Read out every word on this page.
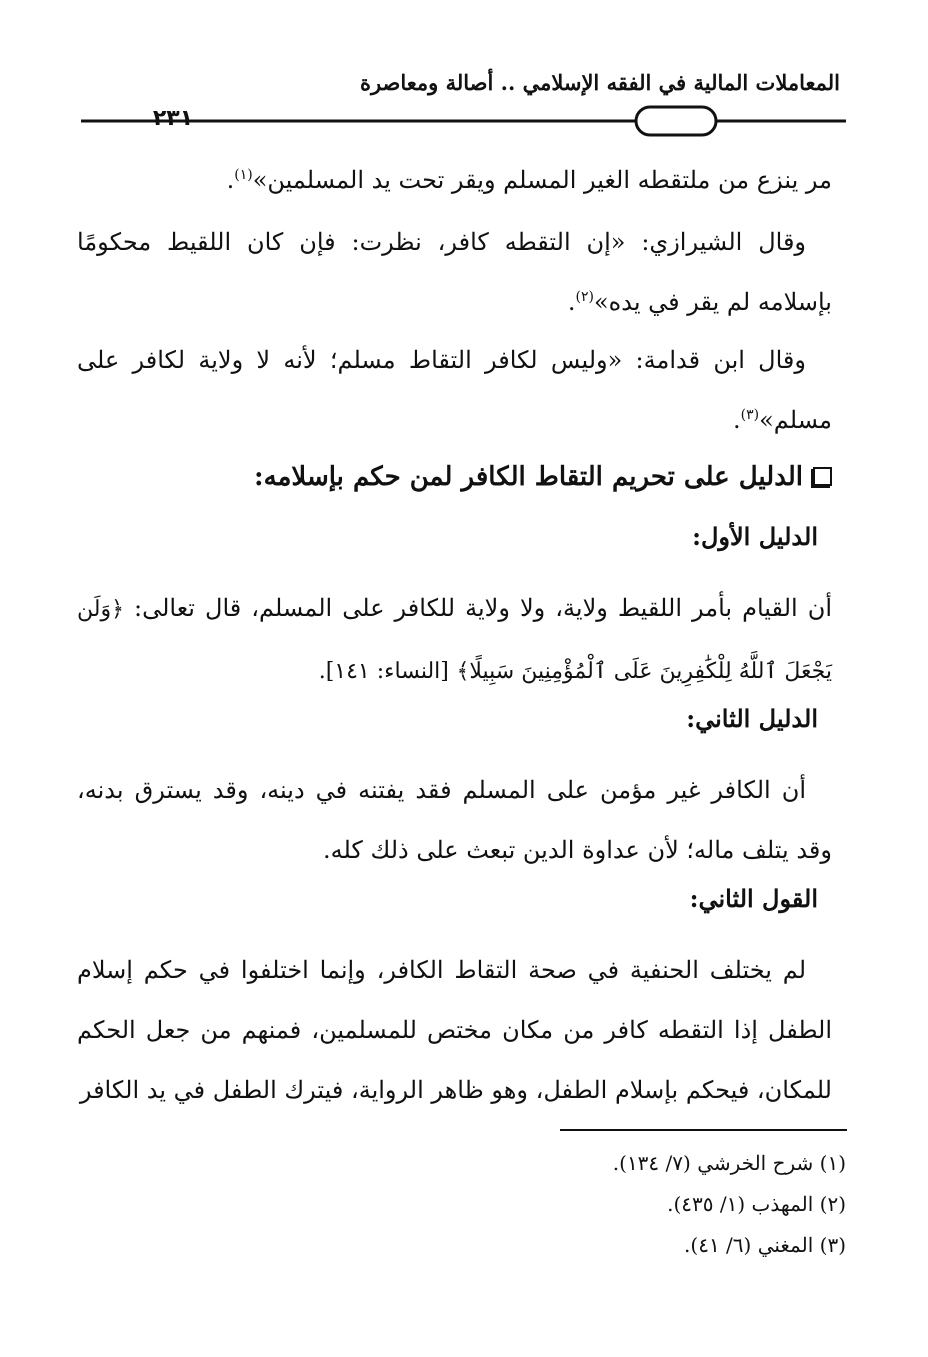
المعاملات المالية في الفقه الإسلامي .. أصالة ومعاصرة
٢٣١
مر ينزع من ملتقطه الغير المسلم ويقر تحت يد المسلمين»$^{(١)}$.
وقال الشيرازي: «إن التقطه كافر، نظرت: فإن كان اللقيط محكومًا بإسلامه لم يقر في يده»$^{(٢)}$.
وقال ابن قدامة: «وليس لكافر التقاط مسلم؛ لأنه لا ولاية لكافر على مسلم»$^{(٣)}$.
الدليل على تحريم التقاط الكافر لمن حكم بإسلامه:
الدليل الأول:
أن القيام بأمر اللقيط ولاية، ولا ولاية للكافر على المسلم، قال تعالى: ﴿وَلَن يَجْعَلَ ٱللَّهُ لِلْكَٰفِرِينَ عَلَى ٱلْمُؤْمِنِينَ سَبِيلًا﴾ [النساء: ١٤١].
الدليل الثاني:
أن الكافر غير مؤمن على المسلم فقد يفتنه في دينه، وقد يسترق بدنه، وقد يتلف ماله؛ لأن عداوة الدين تبعث على ذلك كله.
القول الثاني:
لم يختلف الحنفية في صحة التقاط الكافر، وإنما اختلفوا في حكم إسلام الطفل إذا التقطه كافر من مكان مختص للمسلمين، فمنهم من جعل الحكم للمكان، فيحكم بإسلام الطفل، وهو ظاهر الرواية، فيترك الطفل في يد الكافر
(١) شرح الخرشي (٧/ ١٣٤).
(٢) المهذب (١/ ٤٣٥).
(٣) المغني (٦/ ٤١).
